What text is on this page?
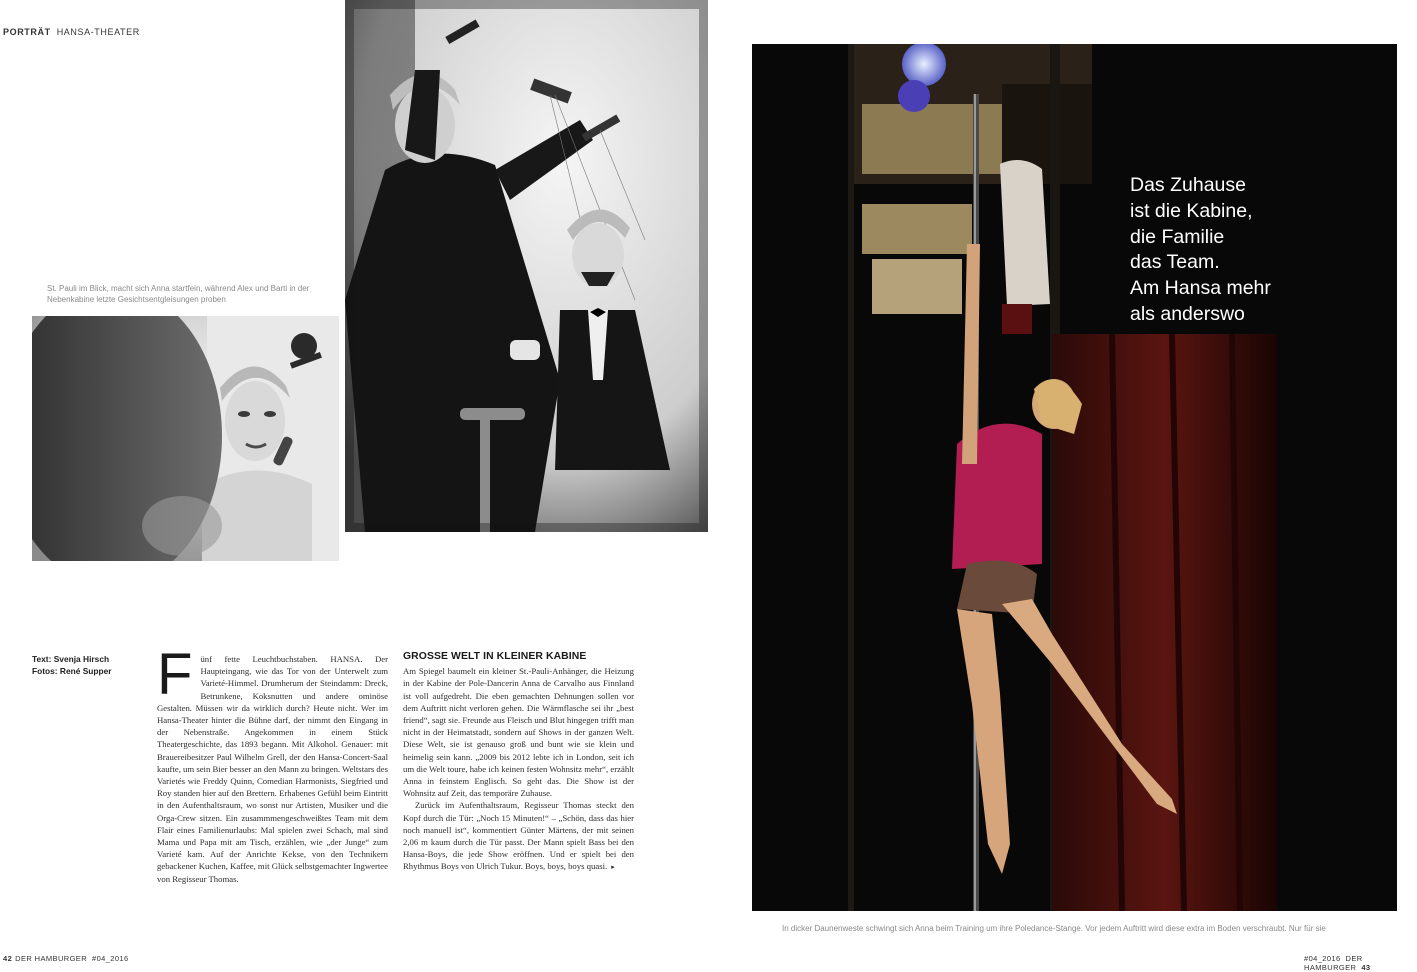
PORTRÄT HANSA-THEATER
St. Pauli im Blick, macht sich Anna startfein, während Alex und Barti in der Nebenkabine letzte Gesichtsentgleisungen proben
Das Zuhause
ist die Kabine,
die Familie
das Team.
Am Hansa mehr
als anderswo
Text: Svenja Hirsch
Fotos: René Supper F ünf fette Leuchtbuchstaben. HANSA. Der Haupteingang, wie das Tor von der Unterwelt zum Varieté-Himmel. Drumherum der Steindamm: Dreck, Betrunkene, Koksnutten und andere ominöse Gestalten. Müssen wir da wirklich durch? Heute nicht. Wer im Hansa-Theater hinter die Bühne darf, der nimmt den Eingang in der Nebenstraße. Angekommen in einem Stück Theatergeschichte, das 1893 begann. Mit Alkohol. Genauer: mit Brauereibesitzer Paul Wilhelm Grell, der den Hansa-Concert-Saal kaufte, um sein Bier besser an den Mann zu bringen. Weltstars des Varietés wie Freddy Quinn, Comedian Harmonists, Siegfried und Roy standen hier auf den Brettern. Erhabenes Gefühl beim Eintritt in den Aufenthaltsraum, wo sonst nur Artisten, Musiker und die Orga-Crew sitzen. Ein zusammmengeschweißtes Team mit dem Flair eines Familienurlaubs: Mal spielen zwei Schach, mal sind Mama und Papa mit am Tisch, erzählen, wie „der Junge“ zum Varieté kam. Auf der Anrichte Kekse, von den Technikern gebackener Kuchen, Kaffee, mit Glück selbstgemachter Ingwertee von Regisseur Thomas.

GROSSE WELT IN KLEINER KABINE

Am Spiegel baumelt ein kleiner St.-Pauli-Anhänger, die Heizung in der Kabine der Pole-Dancerin Anna de Carvalho aus Finnland ist voll aufgedreht. Die eben gemachten Dehnungen sollen vor dem Auftritt nicht verloren gehen. Die Wärmflasche sei ihr „best friend“, sagt sie. Freunde aus Fleisch und Blut hingegen trifft man nicht in der Heimatstadt, sondern auf Shows in der ganzen Welt. Diese Welt, sie ist genauso groß und bunt wie sie klein und heimelig sein kann. „2009 bis 2012 lebte ich in London, seit ich um die Welt toure, habe ich keinen festen Wohnsitz mehr“, erzählt Anna in feinstem Englisch. So geht das. Die Show ist der Wohnsitz auf Zeit, das temporäre Zuhause.

Zurück im Aufenthaltsraum, Regisseur Thomas steckt den Kopf durch die Tür: „Noch 15 Minuten!“ – „Schön, dass das hier noch manuell ist“, kommentiert Günter Märtens, der mit seinen 2,06 m kaum durch die Tür passt. Der Mann spielt Bass bei den Hansa-Boys, die jede Show eröffnen. Und er spielt bei den Rhythmus Boys von Ulrich Tukur. Boys, boys, boys quasi. ▸

In dicker Daunenweste schwingt sich Anna beim Training um ihre Poledance-Stange. Vor jedem Auftritt wird diese extra im Boden verschraubt. Nur für sie
42 DER HAMBURGER #04_2016	#04_2016 DER HAMBURGER 43
